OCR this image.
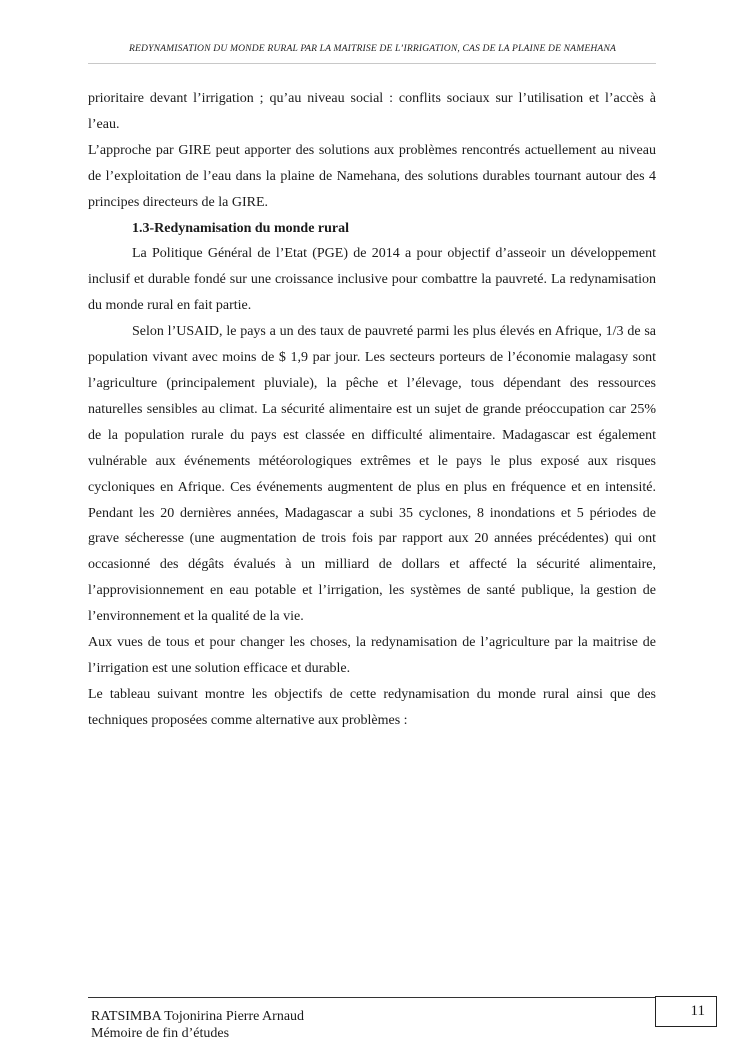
REDYNAMISATION DU MONDE RURAL PAR LA MAITRISE DE L’IRRIGATION, CAS DE LA PLAINE DE NAMEHANA

prioritaire devant l’irrigation ; qu’au niveau social : conflits sociaux sur l’utilisation et l’accès à l’eau.

L’approche par GIRE peut apporter des solutions aux problèmes rencontrés actuellement au niveau de l’exploitation de l’eau dans la plaine de Namehana, des solutions durables tournant autour des 4 principes directeurs de la GIRE.

1.3-Redynamisation du monde rural

La Politique Général de l’Etat (PGE) de 2014 a pour objectif d’asseoir un développement inclusif et durable fondé sur une croissance inclusive pour combattre la pauvreté. La redynamisation du monde rural en fait partie.

Selon l’USAID, le pays a un des taux de pauvreté parmi les plus élevés en Afrique, 1/3 de sa population vivant avec moins de $ 1,9 par jour. Les secteurs porteurs de l’économie malagasy sont l’agriculture (principalement pluviale), la pêche et l’élevage, tous dépendant des ressources naturelles sensibles au climat. La sécurité alimentaire est un sujet de grande préoccupation car 25% de la population rurale du pays est classée en difficulté alimentaire. Madagascar est également vulnérable aux événements météorologiques extrêmes et le pays le plus exposé aux risques cycloniques en Afrique. Ces événements augmentent de plus en plus en fréquence et en intensité. Pendant les 20 dernières années, Madagascar a subi 35 cyclones, 8 inondations et 5 périodes de grave sécheresse (une augmentation de trois fois par rapport aux 20 années précédentes) qui ont occasionné des dégâts évalués à un milliard de dollars et affecté la sécurité alimentaire, l’approvisionnement en eau potable et l’irrigation, les systèmes de santé publique, la gestion de l’environnement et la qualité de la vie.

Aux vues de tous et pour changer les choses, la redynamisation de l’agriculture par la maitrise de l’irrigation est une solution efficace et durable.

Le tableau suivant montre les objectifs de cette redynamisation du monde rural ainsi que des techniques proposées comme alternative aux problèmes :

RATSIMBA Tojonirina Pierre Arnaud
Mémoire de fin d’études
11
